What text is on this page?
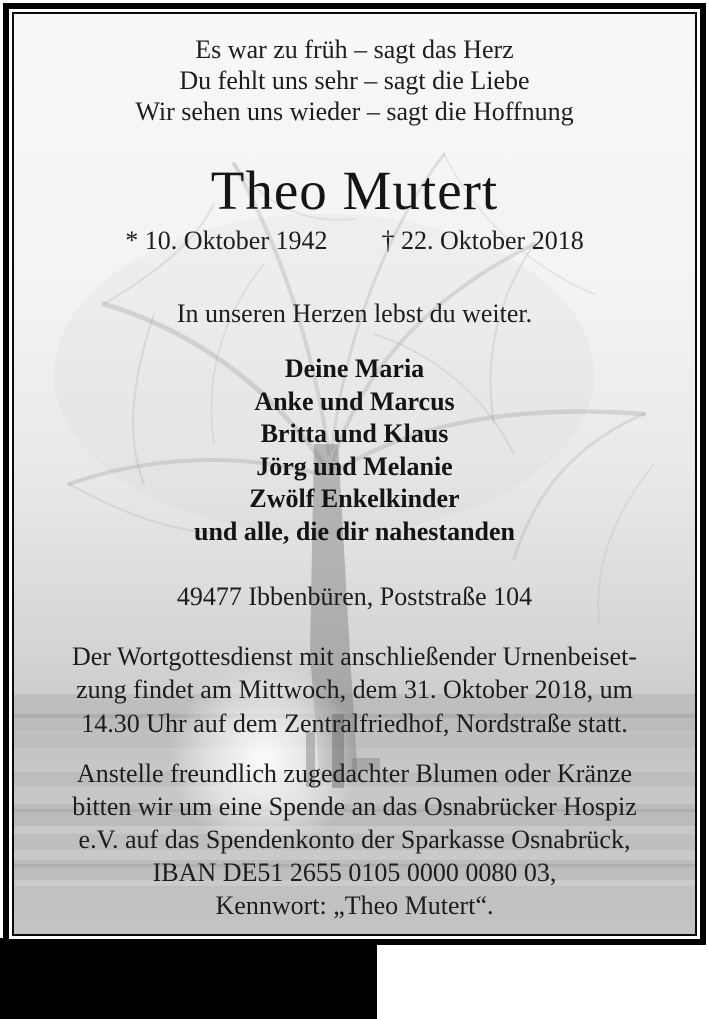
Es war zu früh – sagt das Herz

Du fehlt uns sehr – sagt die Liebe

Wir sehen uns wieder – sagt die Hoffnung

Theo Mutert
* 10. Oktober 1942 † 22. Oktober 2018

In unseren Herzen lebst du weiter.

Deine Maria

Anke und Marcus

Britta und Klaus

Jörg und Melanie

Zwölf Enkelkinder

und alle, die dir nahestanden

49477 Ibbenbüren, Poststraße 104

Der Wortgottesdienst mit anschließender Urnenbeiset-

zung findet am Mittwoch, dem 31. Oktober 2018, um

14.30 Uhr auf dem Zentralfriedhof, Nordstraße statt.

Anstelle freundlich zugedachter Blumen oder Kränze

bitten wir um eine Spende an das Osnabrücker Hospiz

e.V. auf das Spendenkonto der Sparkasse Osnabrück,

IBAN DE51 2655 0105 0000 0080 03,

Kennwort: „Theo Mutert“.
